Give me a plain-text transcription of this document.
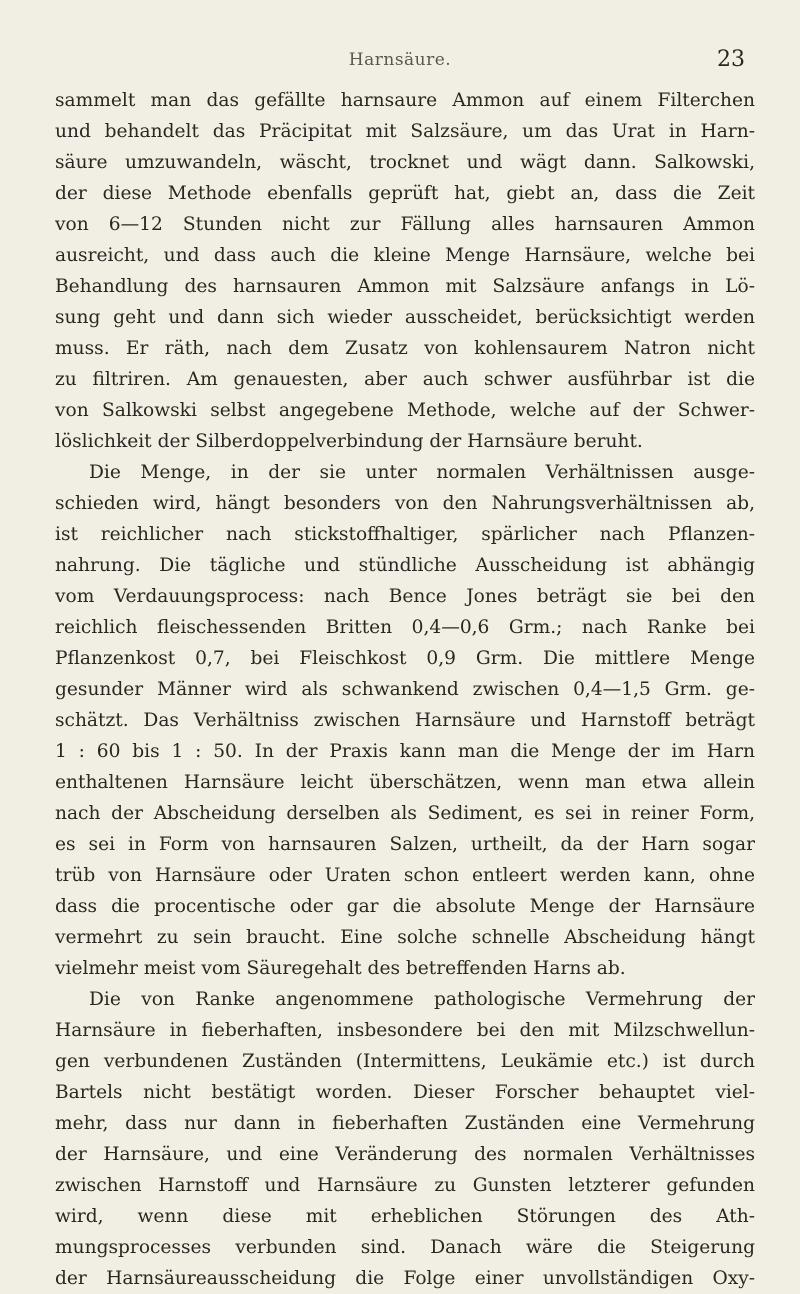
Harnsäure.	23
sammelt man das gefällte harnsaure Ammon auf einem Filterchen
und behandelt das Präcipitat mit Salzsäure, um das Urat in Harn-
säure umzuwandeln, wäscht, trocknet und wägt dann. Salkowski,
der diese Methode ebenfalls geprüft hat, giebt an, dass die Zeit
von 6—12 Stunden nicht zur Fällung alles harnsauren Ammon
ausreicht, und dass auch die kleine Menge Harnsäure, welche bei
Behandlung des harnsauren Ammon mit Salzsäure anfangs in Lö-
sung geht und dann sich wieder ausscheidet, berücksichtigt werden
muss. Er räth, nach dem Zusatz von kohlensaurem Natron nicht
zu filtriren. Am genauesten, aber auch schwer ausführbar ist die
von Salkowski selbst angegebene Methode, welche auf der Schwer-
löslichkeit der Silberdoppelverbindung der Harnsäure beruht.
Die Menge, in der sie unter normalen Verhältnissen ausge-
schieden wird, hängt besonders von den Nahrungsverhältnissen ab,
ist reichlicher nach stickstoffhaltiger, spärlicher nach Pflanzen-
nahrung. Die tägliche und stündliche Ausscheidung ist abhängig
vom Verdauungsprocess: nach Bence Jones beträgt sie bei den
reichlich fleischessenden Britten 0,4—0,6 Grm.; nach Ranke bei
Pflanzenkost 0,7, bei Fleischkost 0,9 Grm. Die mittlere Menge
gesunder Männer wird als schwankend zwischen 0,4—1,5 Grm. ge-
schätzt. Das Verhältniss zwischen Harnsäure und Harnstoff beträgt
1 : 60 bis 1 : 50. In der Praxis kann man die Menge der im Harn
enthaltenen Harnsäure leicht überschätzen, wenn man etwa allein
nach der Abscheidung derselben als Sediment, es sei in reiner Form,
es sei in Form von harnsauren Salzen, urtheilt, da der Harn sogar
trüb von Harnsäure oder Uraten schon entleert werden kann, ohne
dass die procentische oder gar die absolute Menge der Harnsäure
vermehrt zu sein braucht. Eine solche schnelle Abscheidung hängt
vielmehr meist vom Säuregehalt des betreffenden Harns ab.
Die von Ranke angenommene pathologische Vermehrung der
Harnsäure in fieberhaften, insbesondere bei den mit Milzschwellun-
gen verbundenen Zuständen (Intermittens, Leukämie etc.) ist durch
Bartels nicht bestätigt worden. Dieser Forscher behauptet viel-
mehr, dass nur dann in fieberhaften Zuständen eine Vermehrung
der Harnsäure, und eine Veränderung des normalen Verhältnisses
zwischen Harnstoff und Harnsäure zu Gunsten letzterer gefunden
wird, wenn diese mit erheblichen Störungen des Ath-
mungsprocesses verbunden sind. Danach wäre die Steigerung
der Harnsäureausscheidung die Folge einer unvollständigen Oxy-
